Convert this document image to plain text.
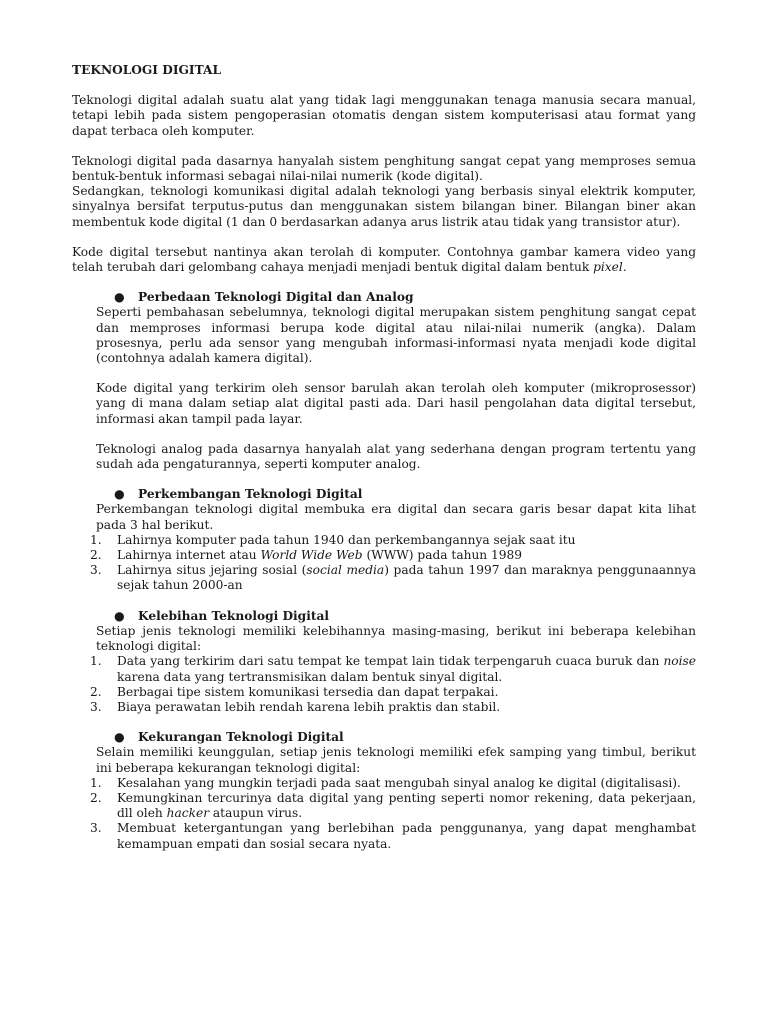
TEKNOLOGI DIGITAL

Teknologi digital adalah suatu alat yang tidak lagi menggunakan tenaga manusia secara manual, tetapi lebih pada sistem pengoperasian otomatis dengan sistem komputerisasi atau format yang dapat terbaca oleh komputer.

Teknologi digital pada dasarnya hanyalah sistem penghitung sangat cepat yang memproses semua bentuk-bentuk informasi sebagai nilai-nilai numerik (kode digital).

Sedangkan, teknologi komunikasi digital adalah teknologi yang berbasis sinyal elektrik komputer, sinyalnya bersifat terputus-putus dan menggunakan sistem bilangan biner. Bilangan biner akan membentuk kode digital (1 dan 0 berdasarkan adanya arus listrik atau tidak yang transistor atur).

Kode digital tersebut nantinya akan terolah di komputer. Contohnya gambar kamera video yang telah terubah dari gelombang cahaya menjadi menjadi bentuk digital dalam bentuk pixel.

● Perbedaan Teknologi Digital dan Analog

Seperti pembahasan sebelumnya, teknologi digital merupakan sistem penghitung sangat cepat dan memproses informasi berupa kode digital atau nilai-nilai numerik (angka). Dalam prosesnya, perlu ada sensor yang mengubah informasi-informasi nyata menjadi kode digital (contohnya adalah kamera digital).

Kode digital yang terkirim oleh sensor barulah akan terolah oleh komputer (mikroprosessor) yang di mana dalam setiap alat digital pasti ada. Dari hasil pengolahan data digital tersebut, informasi akan tampil pada layar.

Teknologi analog pada dasarnya hanyalah alat yang sederhana dengan program tertentu yang sudah ada pengaturannya, seperti komputer analog.

● Perkembangan Teknologi Digital

Perkembangan teknologi digital membuka era digital dan secara garis besar dapat kita lihat pada 3 hal berikut.

1. Lahirnya komputer pada tahun 1940 dan perkembangannya sejak saat itu
2. Lahirnya internet atau World Wide Web (WWW) pada tahun 1989
3. Lahirnya situs jejaring sosial (social media) pada tahun 1997 dan maraknya penggunaannya sejak tahun 2000-an
● Kelebihan Teknologi Digital

Setiap jenis teknologi memiliki kelebihannya masing-masing, berikut ini beberapa kelebihan teknologi digital:

1. Data yang terkirim dari satu tempat ke tempat lain tidak terpengaruh cuaca buruk dan noise karena data yang tertransmisikan dalam bentuk sinyal digital.
2. Berbagai tipe sistem komunikasi tersedia dan dapat terpakai.
3. Biaya perawatan lebih rendah karena lebih praktis dan stabil.
● Kekurangan Teknologi Digital

Selain memiliki keunggulan, setiap jenis teknologi memiliki efek samping yang timbul, berikut ini beberapa kekurangan teknologi digital:

1. Kesalahan yang mungkin terjadi pada saat mengubah sinyal analog ke digital (digitalisasi).
2. Kemungkinan tercurinya data digital yang penting seperti nomor rekening, data pekerjaan, dll oleh hacker ataupun virus.
3. Membuat ketergantungan yang berlebihan pada penggunanya, yang dapat menghambat kemampuan empati dan sosial secara nyata.
